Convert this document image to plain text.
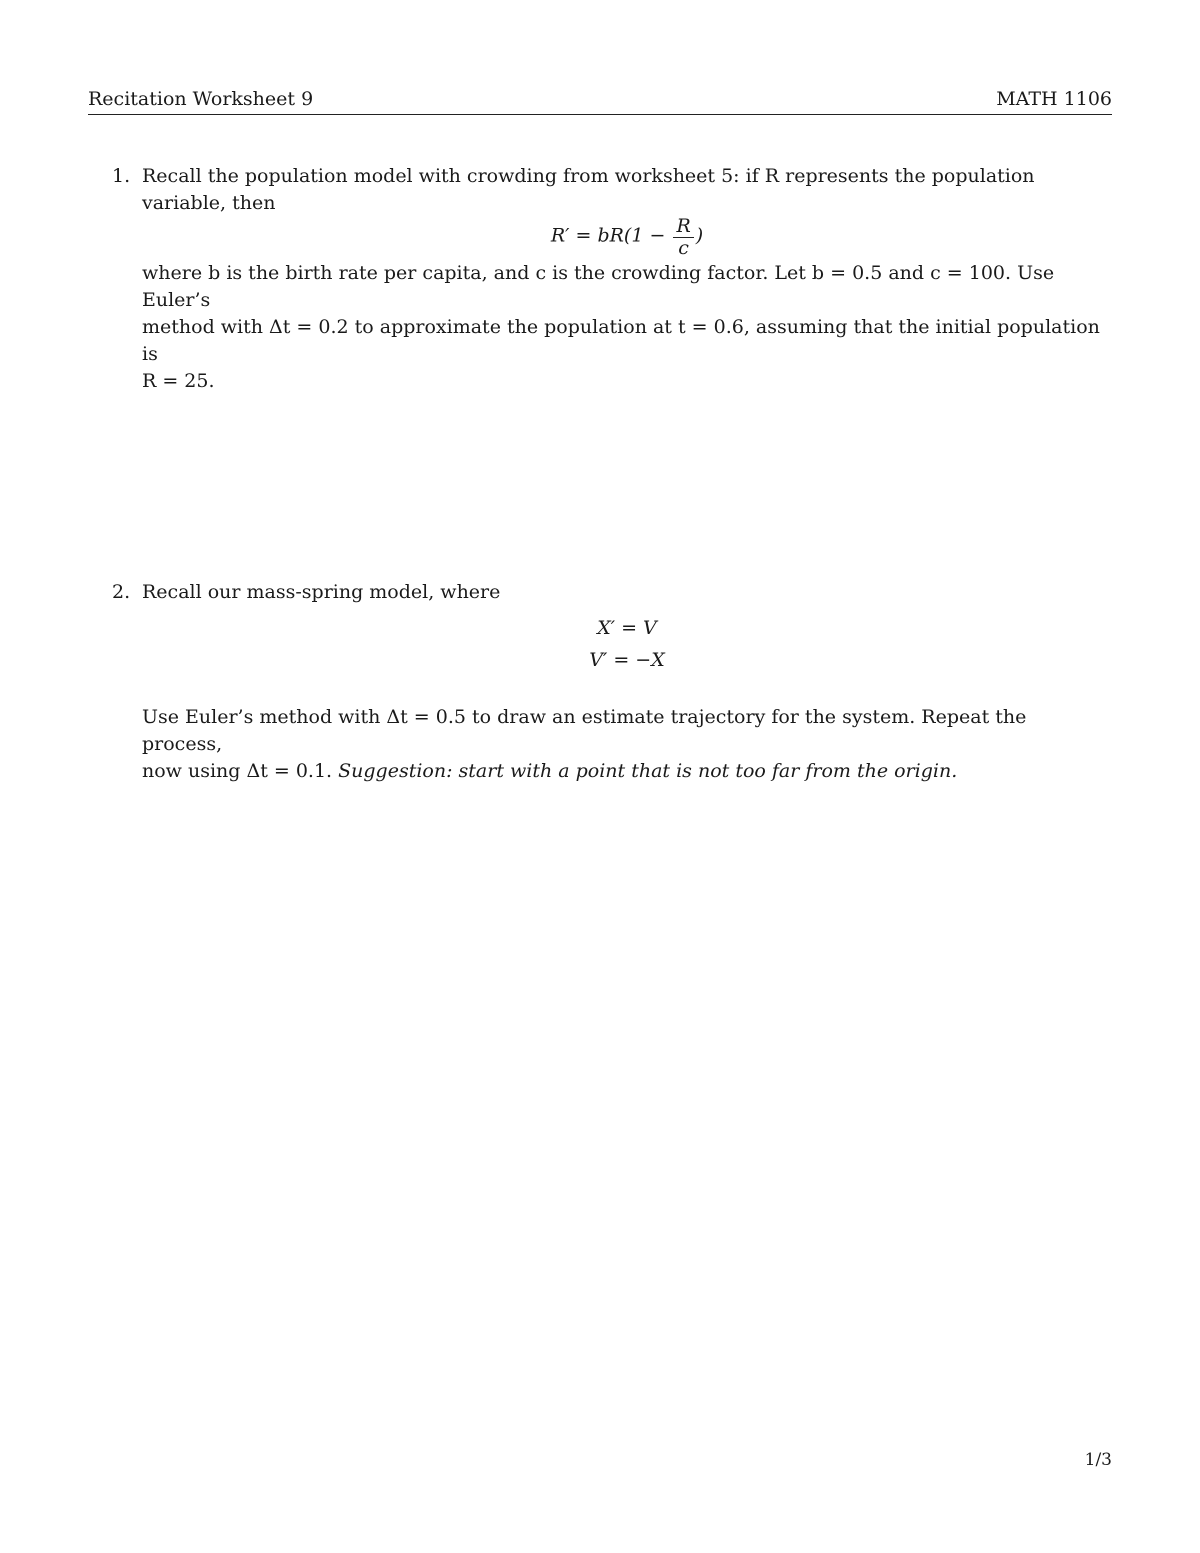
Recitation Worksheet 9	MATH 1106
1. Recall the population model with crowding from worksheet 5: if R represents the population variable, then

$R' = bR(1 - \frac{R}{c}$ )

where b is the birth rate per capita, and c is the crowding factor. Let b = 0.5 and c = 100. Use Euler’s

method with Δt = 0.2 to approximate the population at t = 0.6, assuming that the initial population is

R = 25.

2. Recall our mass-spring model, where

X′ = V

V′ = −X

Use Euler’s method with Δt = 0.5 to draw an estimate trajectory for the system. Repeat the process,

now using Δt = 0.1. Suggestion: start with a point that is not too far from the origin.

1/3
